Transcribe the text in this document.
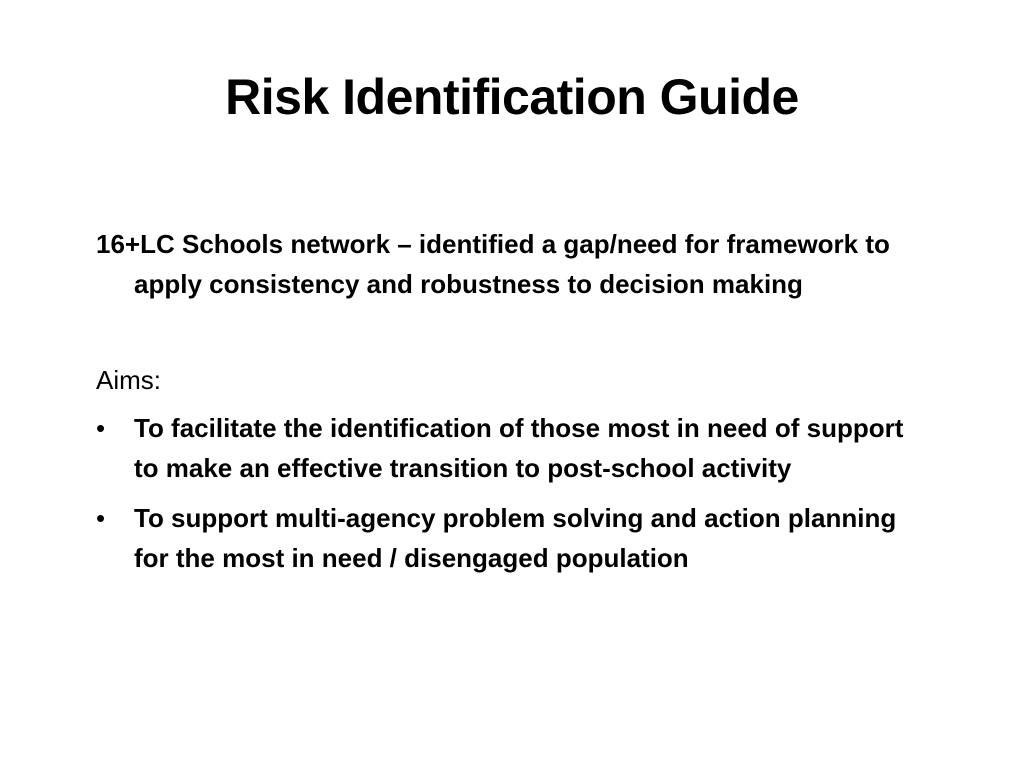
Risk Identification Guide

16+LC Schools network – identified a gap/need for framework to apply consistency and robustness to decision making

Aims:

•	To facilitate the identification of those most in need of support to make an effective transition to post-school activity
•	To support multi-agency problem solving and action planning for the most in need / disengaged population
